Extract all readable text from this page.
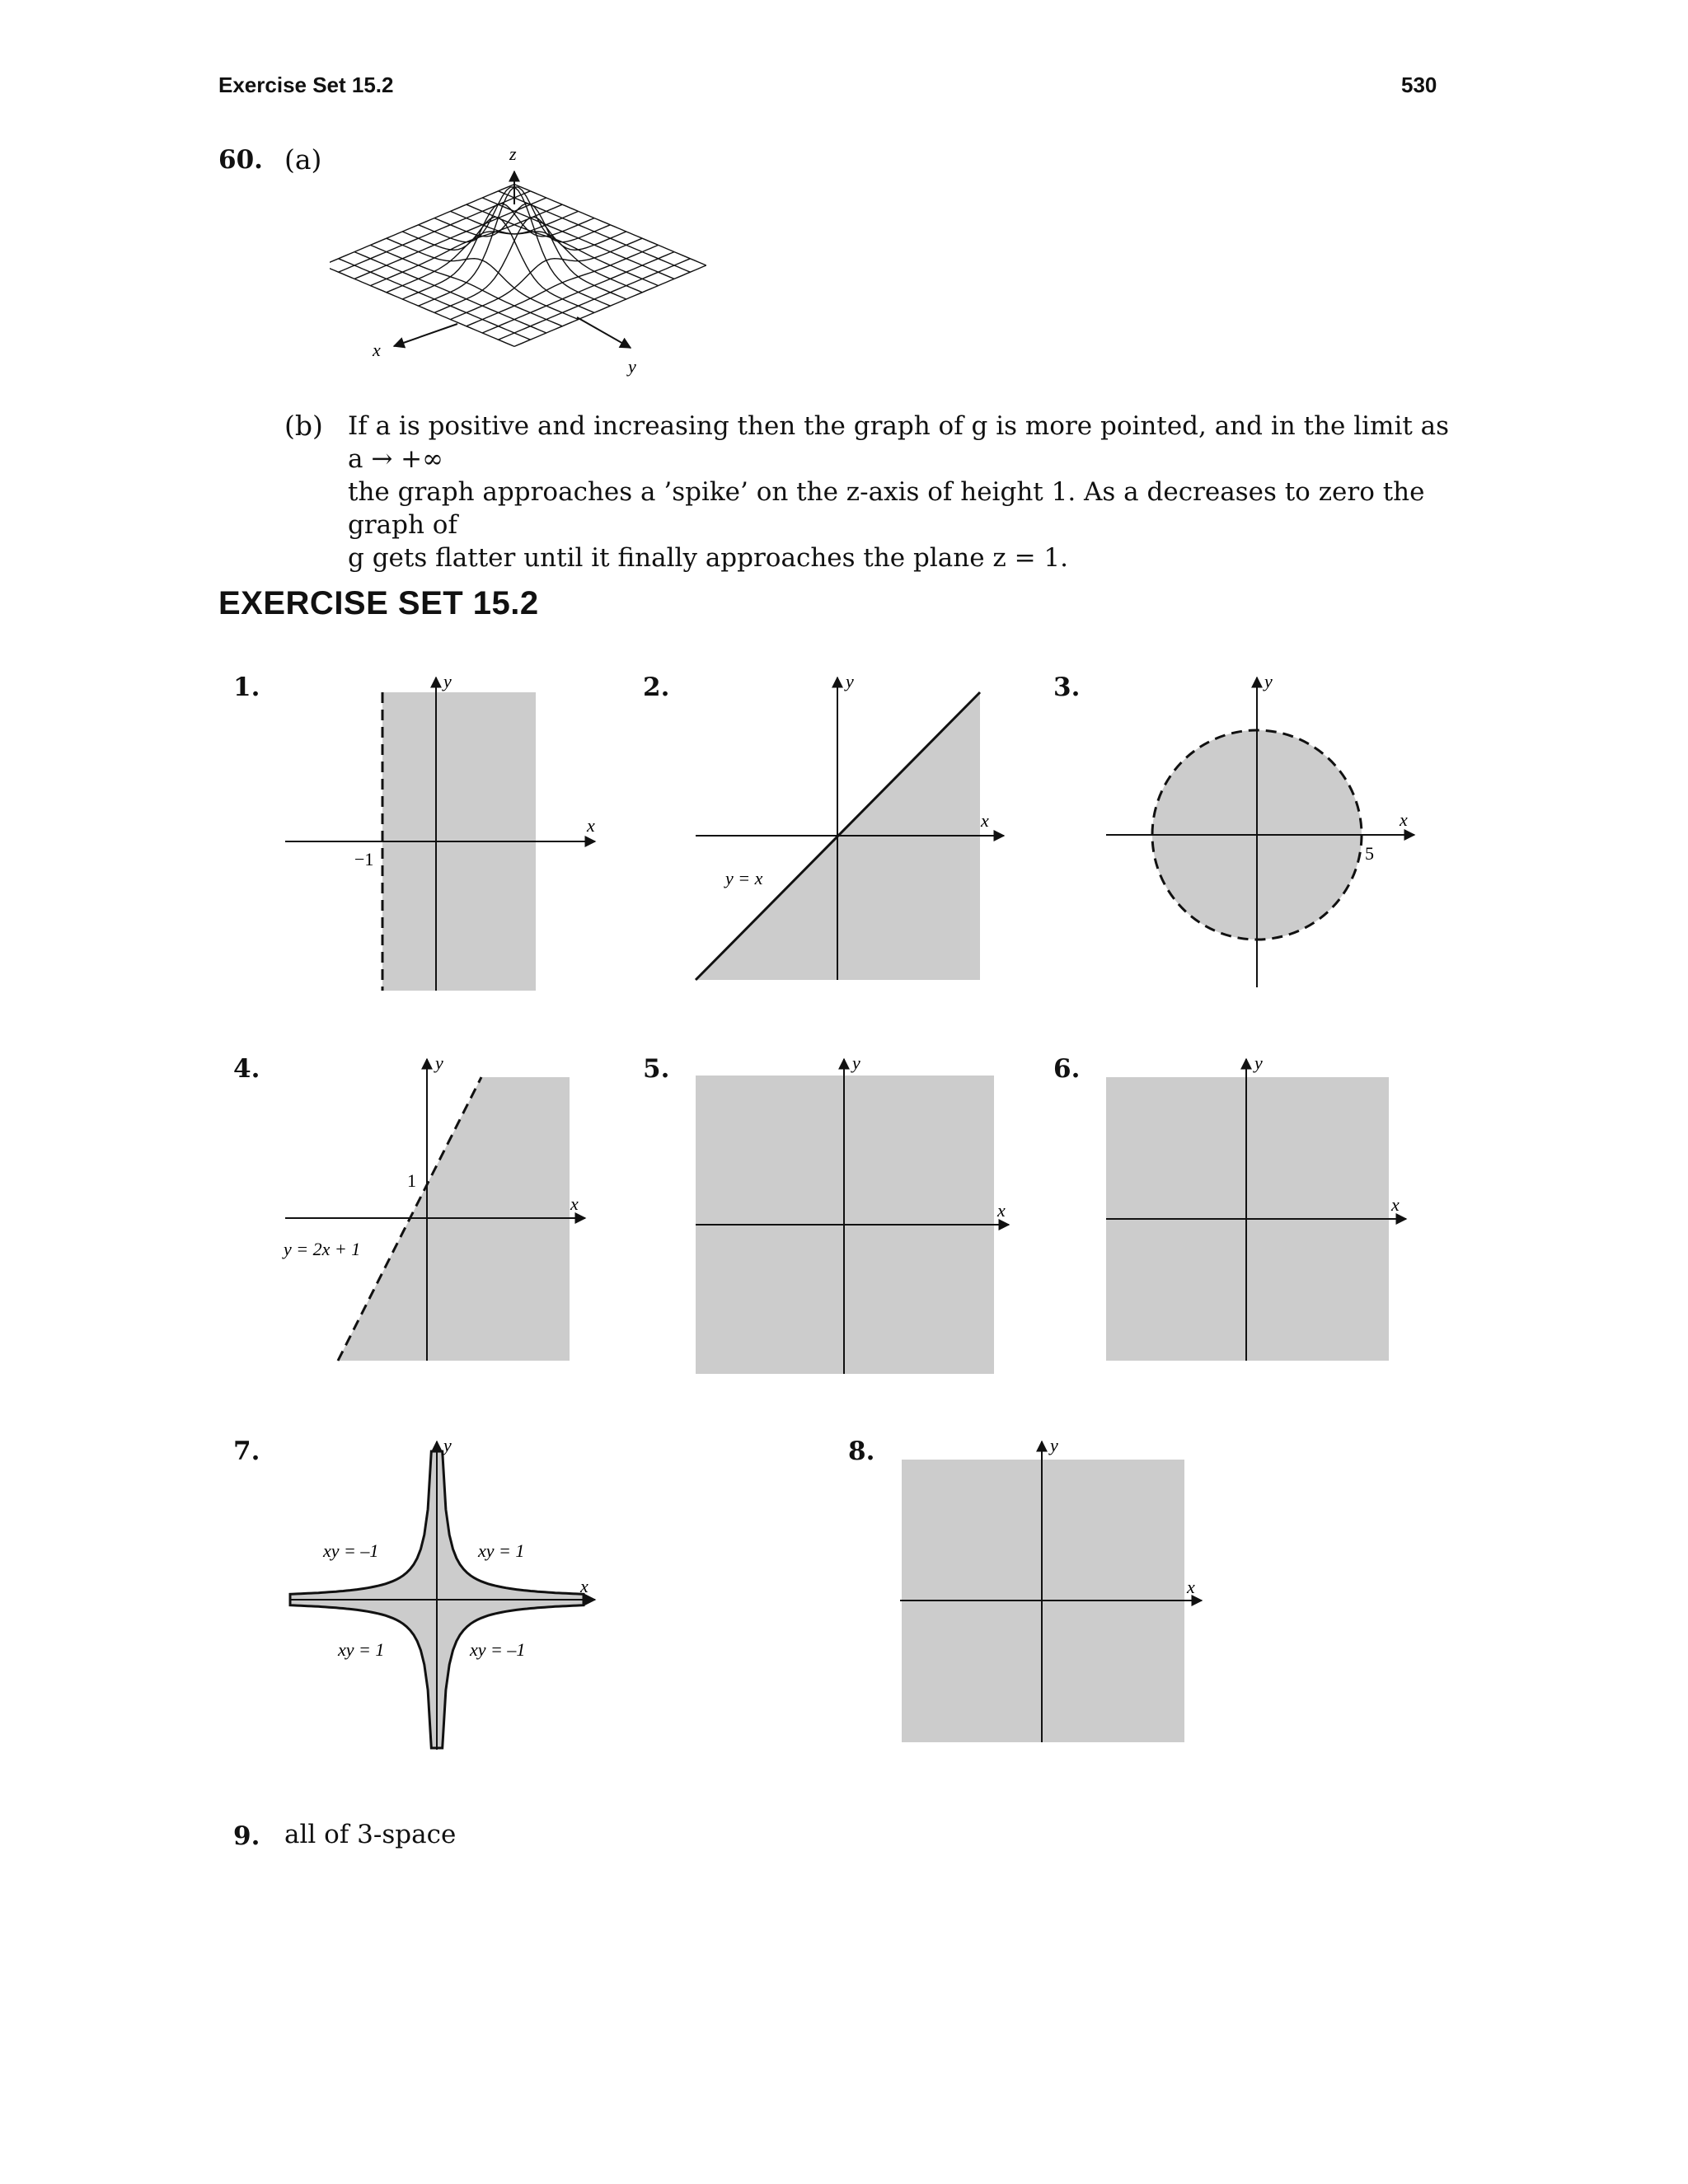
Exercise Set 15.2	530
60. (a)	z
x
y
(b) If a is positive and increasing then the graph of g is more pointed, and in the limit as a → +∞
the graph approaches a ’spike’ on the z-axis of height 1. As a decreases to zero the graph of
g gets flatter until it finally approaches the plane z = 1.
EXERCISE SET 15.2
1.	2.	3.
4.	5.	6.
7.	8.
y
x
−1
y
x
y = x
y
x
5
y
x
1
y = 2x + 1
y
x
y
x
y
x
xy = –1	xy = 1
xy = 1	xy = –1
y
x
9. all of 3-space
